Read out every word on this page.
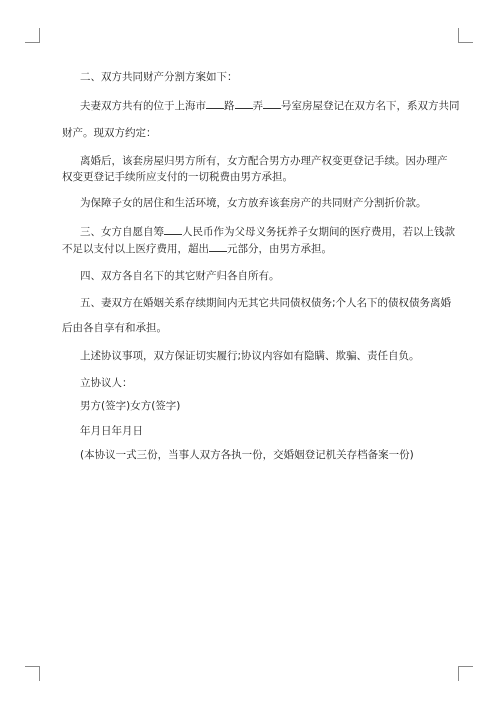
二、双方共同财产分割方案如下：
夫妻双方共有的位于上海市 路 弄 号室房屋登记在双方名下，系双方共同
财产。现双方约定：
离婚后，该套房屋归男方所有，女方配合男方办理产权变更登记手续。因办理产
权变更登记手续所应支付的一切税费由男方承担。
为保障子女的居住和生活环境，女方放弃该套房产的共同财产分割折价款。
三、女方自愿自筹 人民币作为父母义务抚养子女期间的医疗费用，若以上钱款
不足以支付以上医疗费用，超出 元部分，由男方承担。
四、双方各自名下的其它财产归各自所有。
五、妻双方在婚姻关系存续期间内无其它共同债权债务;个人名下的债权债务离婚
后由各自享有和承担。
上述协议事项，双方保证切实履行;协议内容如有隐瞒、欺骗、责任自负。
立协议人：
男方(签字)女方(签字)
年月日年月日
(本协议一式三份，当事人双方各执一份，交婚姻登记机关存档备案一份)
